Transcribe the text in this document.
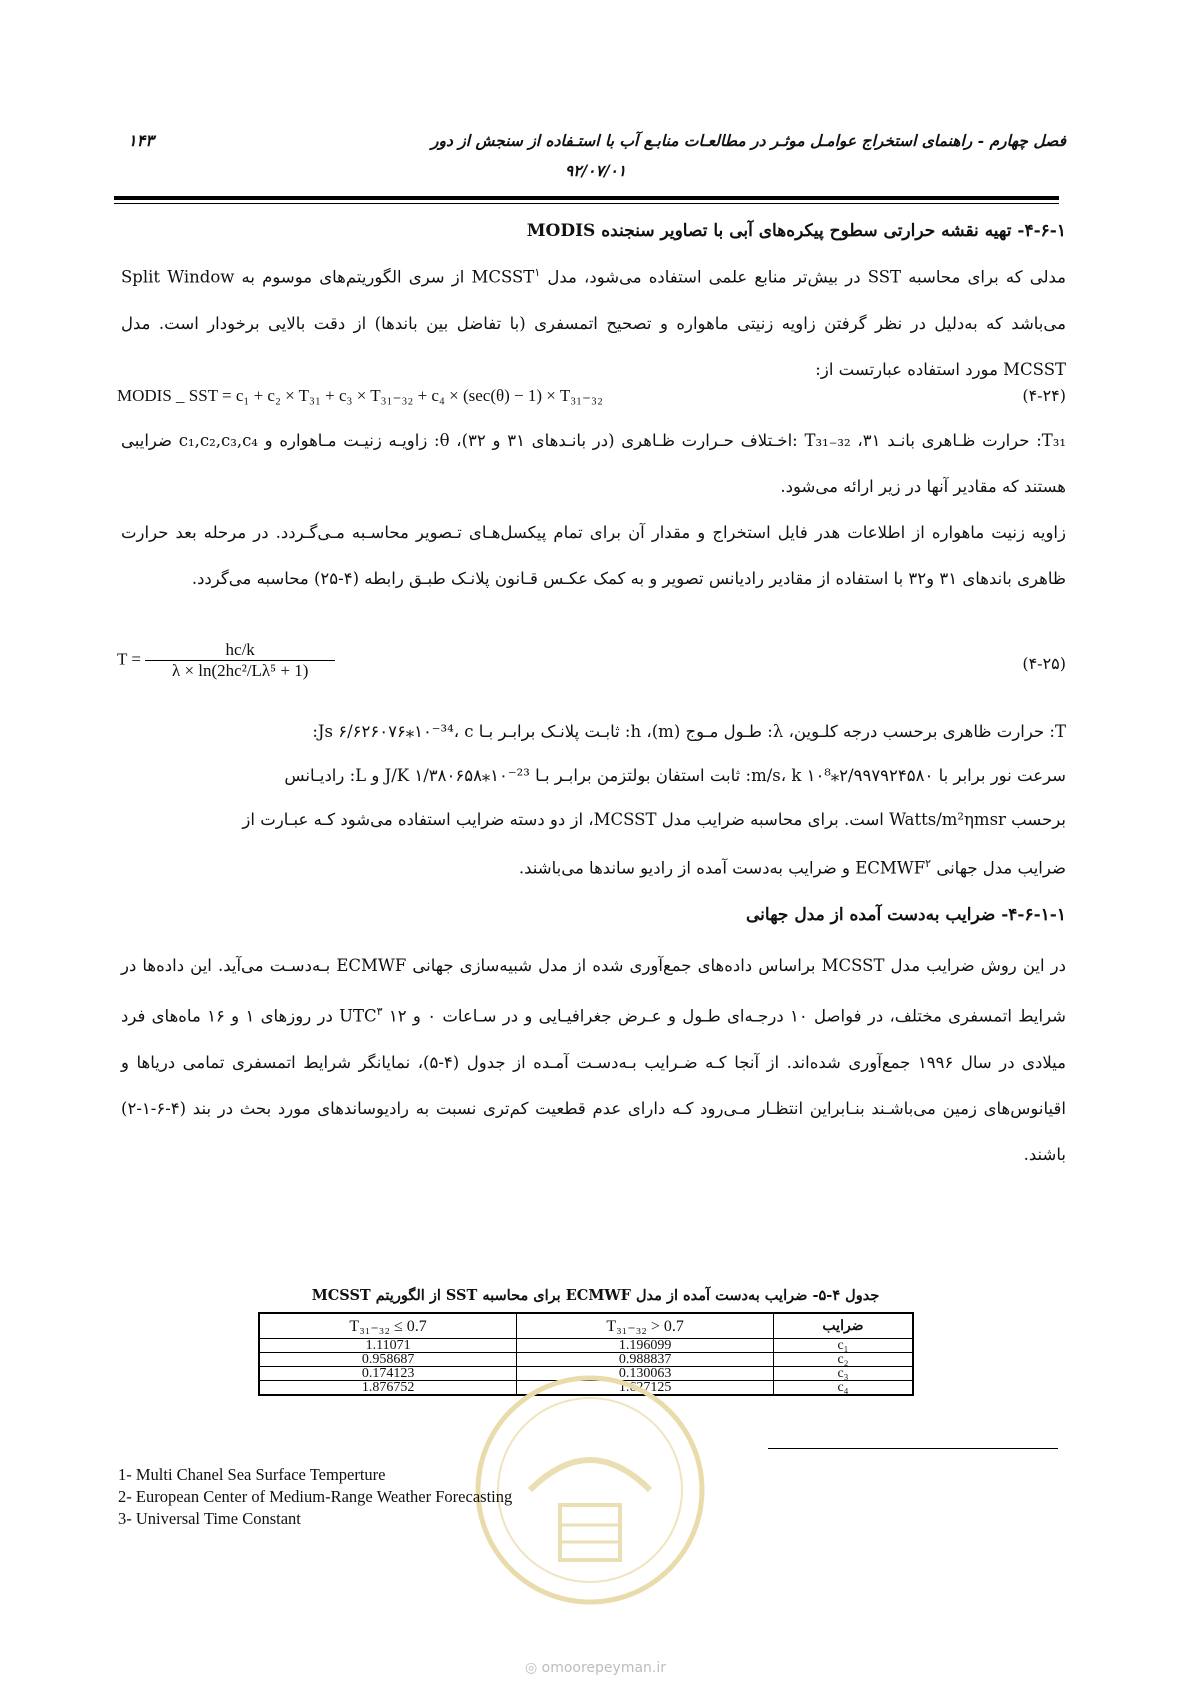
۱۴۳	فصل چهارم - راهنمای استخراج عوامـل موثـر در مطالعـات منابـع آب با استـفاده از سنجش از دور
۹۲/۰۷/۰۱
۴-۶-۱- تهیه نقشه حرارتی سطوح پیکره‌های آبی با تصاویر سنجنده MODIS
مدلی که برای محاسبه SST در بیش‌تر منابع علمی استفاده می‌شود، مدل MCSST$^۱$ از سری الگوریتم‌های موسوم به Split Window می‌باشد که به‌دلیل در نظر گرفتن زاویه زنیتی ماهواره و تصحیح اتمسفری (با تفاضل بین باندها) از دقت بالایی برخودار است. مدل MCSST مورد استفاده عبارتست از:
MODIS _ SST = c₁ + c₂ × T₃₁ + c₃ × T₃₁₋₃₂ + c₄ × (sec(θ) − 1) × T₃₁₋₃₂	(۴-۲۴)
T₃₁: حرارت ظـاهری بانـد ۳۱، T₃₁₋₃₂ :اخـتلاف حـرارت ظـاهری (در بانـدهای ۳۱ و ۳۲)، θ: زاویـه زنیـت مـاهواره و c₁,c₂,c₃,c₄ ضرایبی هستند که مقادیر آنها در زیر ارائه می‌شود.
زاویه زنیت ماهواره از اطلاعات هدر فایل استخراج و مقدار آن برای تمام پیکسل‌هـای تـصویر محاسـبه مـی‌گـردد. در مرحله بعد حرارت ظاهری باندهای ۳۱ و۳۲ با استفاده از مقادیر رادیانس تصویر و به کمک عکـس قـانون پلانـک طبـق رابطه (۴-۲۵) محاسبه می‌گردد.
$T = \frac{hc/k}{\text{λ × ln(2hc²/Lλ⁵ + 1)}}$	(۴-۲۵)
T: حرارت ظاهری برحسب درجه کلـوین، λ: طـول مـوج (m)، h: ثابـت پلانـک برابـر بـا Js ۶/۶۲۶۰۷۶⁎۱۰⁻³⁴، c:
سرعت نور برابر با ۲/۹۹۷۹۲۴۵۸۰⁎۱۰⁸ m/s، k: ثابت استفان بولتزمن برابـر بـا J/K ۱/۳۸۰۶۵۸⁎۱۰⁻²³ و L: رادیـانس
برحسب Watts/m²ηmsr است. برای محاسبه ضرایب مدل MCSST، از دو دسته ضرایب استفاده می‌شود کـه عبـارت از
ضرایب مدل جهانی ECMWF$^۲$ و ضرایب به‌دست آمده از رادیو ساندها می‌باشند.
۴-۶-۱-۱- ضرایب به‌دست آمده از مدل جهانی
در این روش ضرایب مدل MCSST براساس داده‌های جمع‌آوری شده از مدل شبیه‌سازی جهانی ECMWF بـه‌دسـت می‌آید. این داده‌ها در شرایط اتمسفری مختلف، در فواصل ۱۰ درجـه‌ای طـول و عـرض جغرافیـایی و در سـاعات ۰ و ۱۲ UTC$^۳$ در روزهای ۱ و ۱۶ ماه‌های فرد میلادی در سال ۱۹۹۶ جمع‌آوری شده‌اند. از آنجا کـه ضـرایب بـه‌دسـت آمـده از جدول (۴-۵)، نمایانگر شرایط اتمسفری تمامی دریاها و اقیانوس‌های زمین می‌باشـند بنـابراین انتظـار مـی‌رود کـه دارای عدم قطعیت کم‌تری نسبت به رادیوساندهای مورد بحث در بند (۴-۶-۱-۲) باشند.
جدول ۴-۵- ضرایب به‌دست آمده از مدل ECMWF برای محاسبه SST از الگوریتم MCSST
T₃₁₋₃₂ ≤ 0.7	T₃₁₋₃₂ > 0.7	ضرایب
1.11071	1.196099	c₁
0.958687	0.988837	c₂
0.174123	0.130063	c₃
1.876752	1.627125	c₄
1- Multi Chanel Sea Surface Temperture
2- European Center of Medium-Range Weather Forecasting
3- Universal Time Constant
◎ omoorepeyman.ir
